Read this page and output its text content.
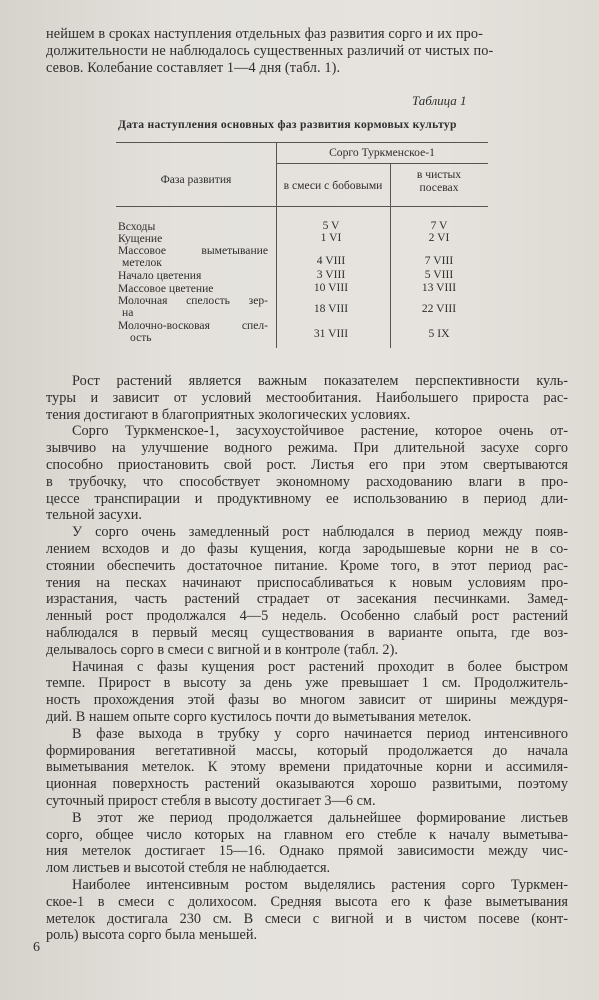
нейшем в сроках наступления отдельных фаз развития сорго и их про-
должительности не наблюдалось существенных различий от чистых по-
севов. Колебание составляет 1—4 дня (табл. 1).
Таблица 1
Дата наступления основных фаз развития кормовых культур
Фаза развития
Сорго Туркменское-1
в смеси с бобовыми
в чистых
посевах
Всходы	5 V	7 V
Кущение	1 VI	2 VI
Массовое выметывание
метелок	4 VIII	7 VIII
Начало цветения	3 VIII	5 VIII
Массовое цветение	10 VIII	13 VIII
Молочная спелость зер-
на	18 VIII	22 VIII
Молочно-восковая спел-
ость	31 VIII	5 IX
Рост растений является важным показателем перспективности куль-
туры и зависит от условий местообитания. Наибольшего прироста рас-
тения достигают в благоприятных экологических условиях.
Сорго Туркменское-1, засухоустойчивое растение, которое очень от-
зывчиво на улучшение водного режима. При длительной засухе сорго
способно приостановить свой рост. Листья его при этом свертываются
в трубочку, что способствует экономному расходованию влаги в про-
цессе транспирации и продуктивному ее использованию в период дли-
тельной засухи.
У сорго очень замедленный рост наблюдался в период между появ-
лением всходов и до фазы кущения, когда зародышевые корни не в со-
стоянии обеспечить достаточное питание. Кроме того, в этот период рас-
тения на песках начинают приспосабливаться к новым условиям про-
израстания, часть растений страдает от засекания песчинками. Замед-
ленный рост продолжался 4—5 недель. Особенно слабый рост растений
наблюдался в первый месяц существования в варианте опыта, где воз-
делывалось сорго в смеси с вигной и в контроле (табл. 2).
Начиная с фазы кущения рост растений проходит в более быстром
темпе. Прирост в высоту за день уже превышает 1 см. Продолжитель-
ность прохождения этой фазы во многом зависит от ширины междуря-
дий. В нашем опыте сорго кустилось почти до выметывания метелок.
В фазе выхода в трубку у сорго начинается период интенсивного
формирования вегетативной массы, который продолжается до начала
выметывания метелок. К этому времени придаточные корни и ассимиля-
ционная поверхность растений оказываются хорошо развитыми, поэтому
суточный прирост стебля в высоту достигает 3—6 см.
В этот же период продолжается дальнейшее формирование листьев
сорго, общее число которых на главном его стебле к началу выметыва-
ния метелок достигает 15—16. Однако прямой зависимости между чис-
лом листьев и высотой стебля не наблюдается.
Наиболее интенсивным ростом выделялись растения сорго Туркмен-
ское-1 в смеси с долихосом. Средняя высота его к фазе выметывания
метелок достигала 230 см. В смеси с вигной и в чистом посеве (конт-
роль) высота сорго была меньшей.
6
